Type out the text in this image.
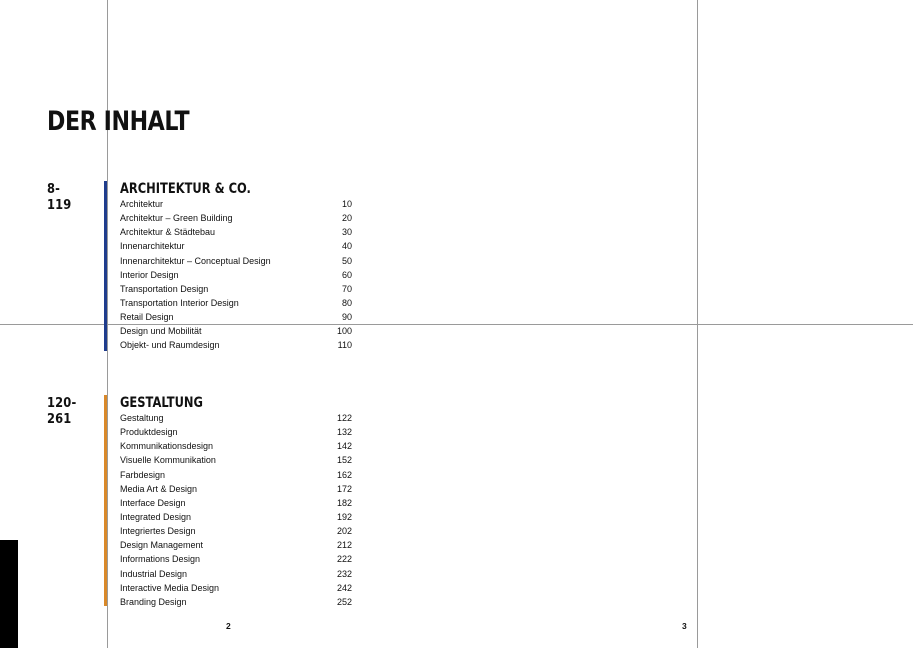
DER INHALT
8-119
ARCHITEKTUR & CO.
Architektur	10
Architektur – Green Building	20
Architektur & Städtebau	30
Innenarchitektur	40
Innenarchitektur – Conceptual Design	50
Interior Design	60
Transportation Design	70
Transportation Interior Design	80
Retail Design	90
Design und Mobilität	100
Objekt- und Raumdesign	110
120-261
GESTALTUNG
Gestaltung	122
Produktdesign	132
Kommunikationsdesign	142
Visuelle Kommunikation	152
Farbdesign	162
Media Art & Design	172
Interface Design	182
Integrated Design	192
Integriertes Design	202
Design Management	212
Informations Design	222
Industrial Design	232
Interactive Media Design	242
Branding Design	252
2	3
